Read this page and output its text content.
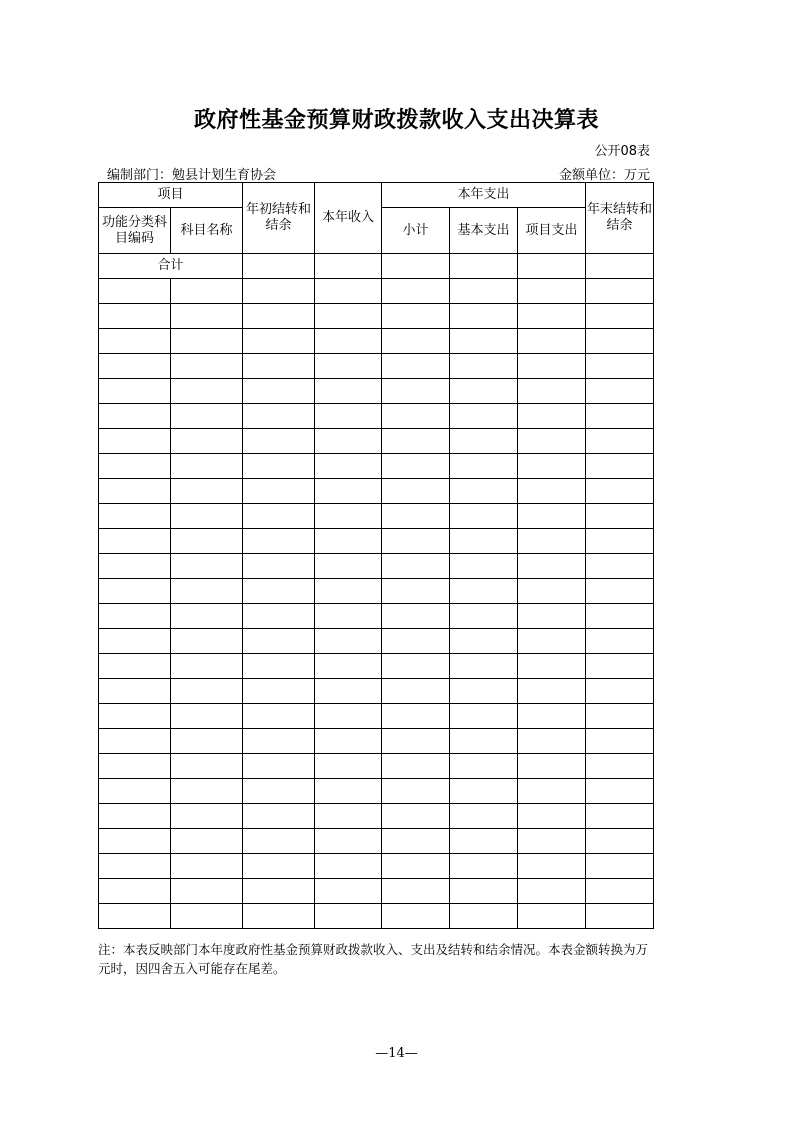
政府性基金预算财政拨款收入支出决算表
公开08表
编制部门：勉县计划生育协会	金额单位：万元
项目		年初结转和结余	本年收入	本年支出			年末结转和结余
功能分类科目编码	科目名称			小计	基本支出	项目支出	
合计							

注：本表反映部门本年度政府性基金预算财政拨款收入、支出及结转和结余情况。本表金额转换为万元时，因四舍五入可能存在尾差。
—14—
